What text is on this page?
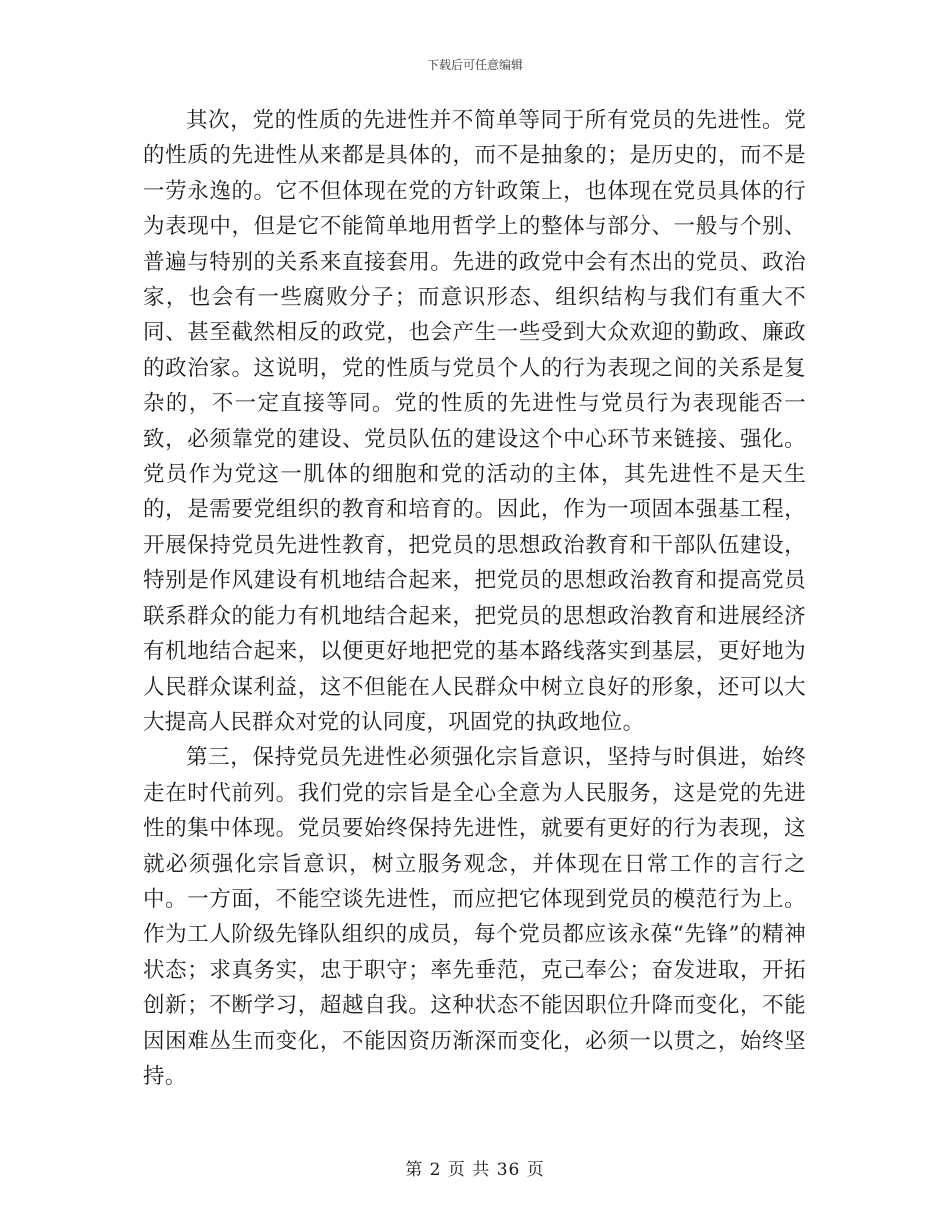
下载后可任意编辑

其次，党的性质的先进性并不简单等同于所有党员的先进性。党的性质的先进性从来都是具体的，而不是抽象的；是历史的，而不是一劳永逸的。它不但体现在党的方针政策上，也体现在党员具体的行为表现中，但是它不能简单地用哲学上的整体与部分、一般与个别、普遍与特别的关系来直接套用。先进的政党中会有杰出的党员、政治家，也会有一些腐败分子；而意识形态、组织结构与我们有重大不同、甚至截然相反的政党，也会产生一些受到大众欢迎的勤政、廉政的政治家。这说明，党的性质与党员个人的行为表现之间的关系是复杂的，不一定直接等同。党的性质的先进性与党员行为表现能否一致，必须靠党的建设、党员队伍的建设这个中心环节来链接、强化。党员作为党这一肌体的细胞和党的活动的主体，其先进性不是天生的，是需要党组织的教育和培育的。因此，作为一项固本强基工程，开展保持党员先进性教育，把党员的思想政治教育和干部队伍建设，特别是作风建设有机地结合起来，把党员的思想政治教育和提高党员联系群众的能力有机地结合起来，把党员的思想政治教育和进展经济有机地结合起来，以便更好地把党的基本路线落实到基层，更好地为人民群众谋利益，这不但能在人民群众中树立良好的形象，还可以大大提高人民群众对党的认同度，巩固党的执政地位。

第三，保持党员先进性必须强化宗旨意识，坚持与时俱进，始终走在时代前列。我们党的宗旨是全心全意为人民服务，这是党的先进性的集中体现。党员要始终保持先进性，就要有更好的行为表现，这就必须强化宗旨意识，树立服务观念，并体现在日常工作的言行之中。一方面，不能空谈先进性，而应把它体现到党员的模范行为上。作为工人阶级先锋队组织的成员，每个党员都应该永葆“先锋”的精神状态；求真务实，忠于职守；率先垂范，克己奉公；奋发进取，开拓创新；不断学习，超越自我。这种状态不能因职位升降而变化，不能因困难丛生而变化，不能因资历渐深而变化，必须一以贯之，始终坚持。

第 2 页 共 36 页
